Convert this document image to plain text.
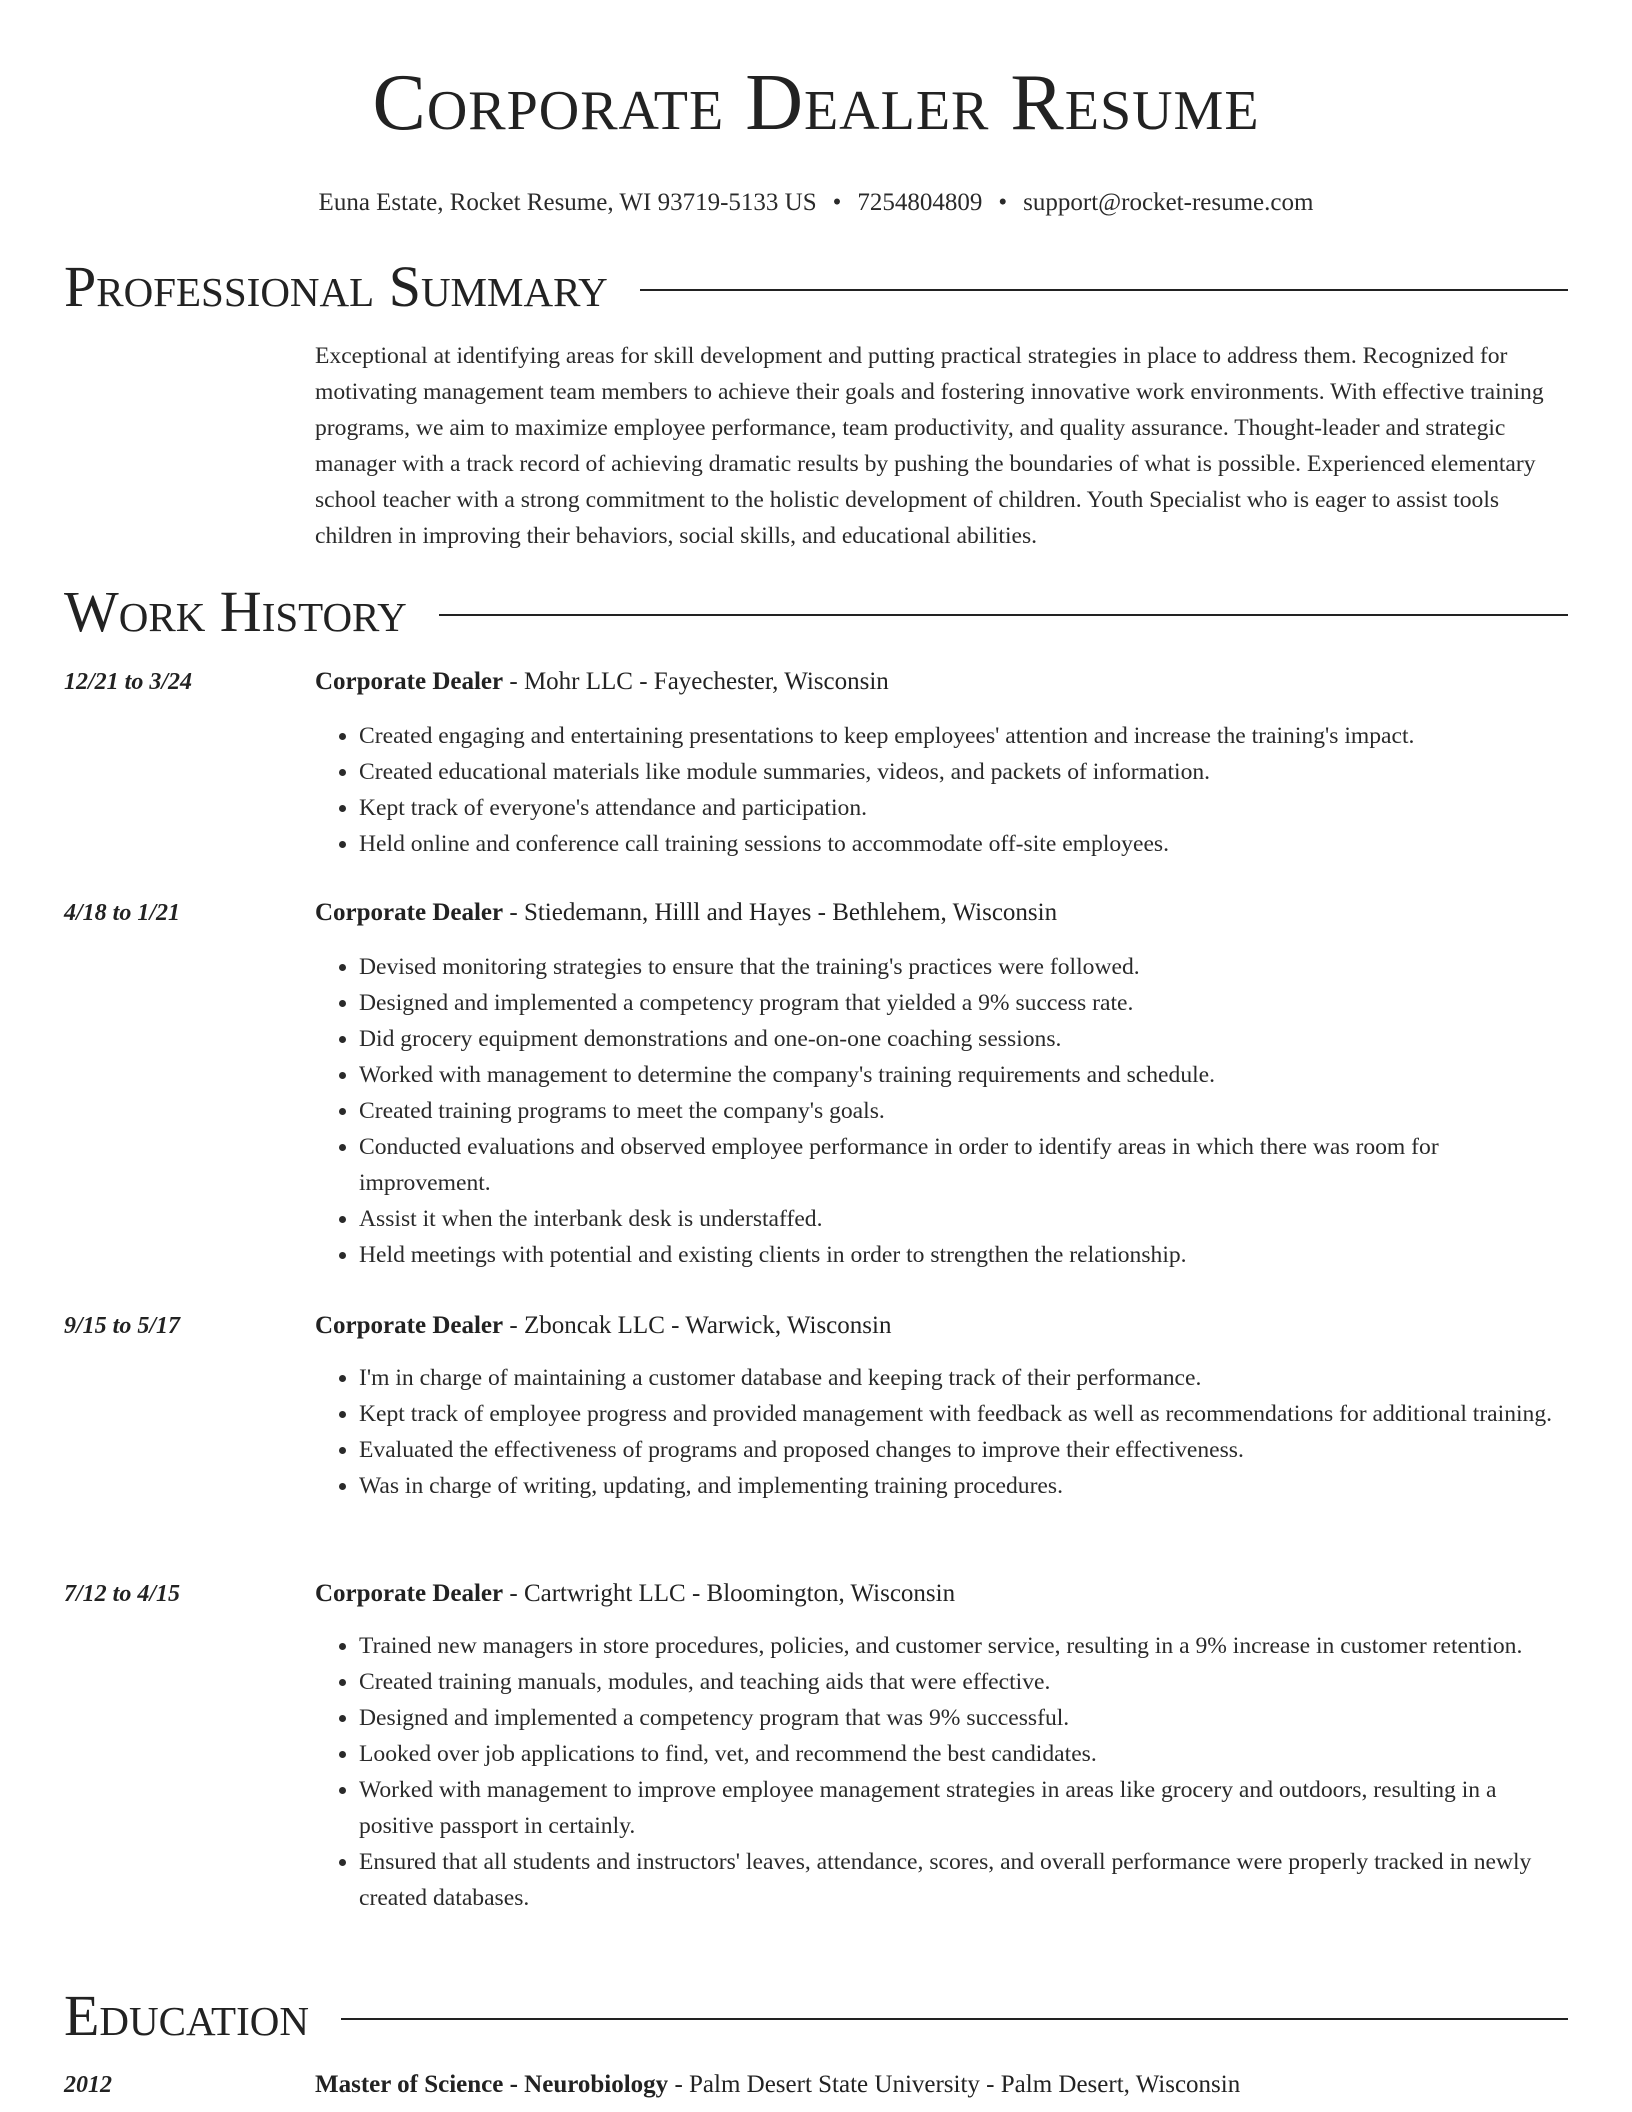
Corporate Dealer Resume
Euna Estate, Rocket Resume, WI 93719-5133 US • 7254804809 • support@rocket-resume.com
Professional Summary

Exceptional at identifying areas for skill development and putting practical strategies in place to address them. Recognized for motivating management team members to achieve their goals and fostering innovative work environments. With effective training programs, we aim to maximize employee performance, team productivity, and quality assurance. Thought-leader and strategic manager with a track record of achieving dramatic results by pushing the boundaries of what is possible. Experienced elementary school teacher with a strong commitment to the holistic development of children. Youth Specialist who is eager to assist tools children in improving their behaviors, social skills, and educational abilities.

Work History
12/21 to 3/24	Corporate Dealer - Mohr LLC - Fayechester, Wisconsin
• Created engaging and entertaining presentations to keep employees' attention and increase the training's impact.
• Created educational materials like module summaries, videos, and packets of information.
• Kept track of everyone's attendance and participation.
• Held online and conference call training sessions to accommodate off-site employees.
4/18 to 1/21	Corporate Dealer - Stiedemann, Hilll and Hayes - Bethlehem, Wisconsin
• Devised monitoring strategies to ensure that the training's practices were followed.
• Designed and implemented a competency program that yielded a 9% success rate.
• Did grocery equipment demonstrations and one-on-one coaching sessions.
• Worked with management to determine the company's training requirements and schedule.
• Created training programs to meet the company's goals.
• Conducted evaluations and observed employee performance in order to identify areas in which there was room for improvement.
• Assist it when the interbank desk is understaffed.
• Held meetings with potential and existing clients in order to strengthen the relationship.
9/15 to 5/17	Corporate Dealer - Zboncak LLC - Warwick, Wisconsin
• I'm in charge of maintaining a customer database and keeping track of their performance.
• Kept track of employee progress and provided management with feedback as well as recommendations for additional training.
• Evaluated the effectiveness of programs and proposed changes to improve their effectiveness.
• Was in charge of writing, updating, and implementing training procedures.
7/12 to 4/15	Corporate Dealer - Cartwright LLC - Bloomington, Wisconsin
• Trained new managers in store procedures, policies, and customer service, resulting in a 9% increase in customer retention.
• Created training manuals, modules, and teaching aids that were effective.
• Designed and implemented a competency program that was 9% successful.
• Looked over job applications to find, vet, and recommend the best candidates.
• Worked with management to improve employee management strategies in areas like grocery and outdoors, resulting in a positive passport in certainly.
• Ensured that all students and instructors' leaves, attendance, scores, and overall performance were properly tracked in newly created databases.
Education
2012	Master of Science - Neurobiology - Palm Desert State University - Palm Desert, Wisconsin
